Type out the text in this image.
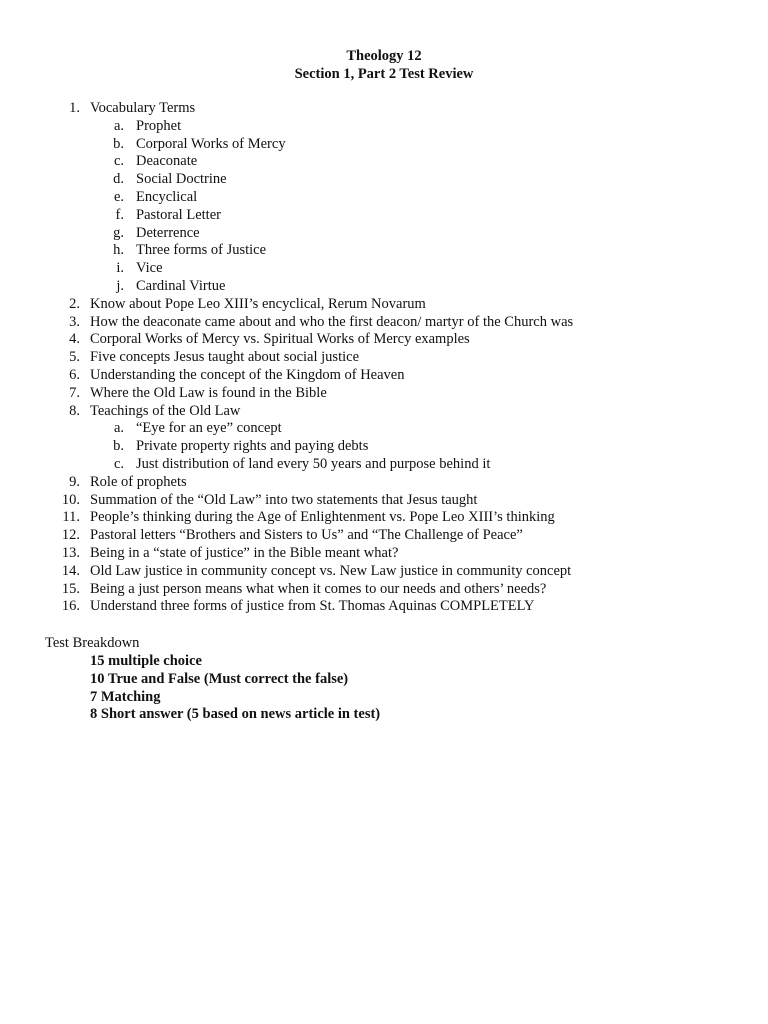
Theology 12
Section 1, Part 2 Test Review
1. Vocabulary Terms
a. Prophet
b. Corporal Works of Mercy
c. Deaconate
d. Social Doctrine
e. Encyclical
f. Pastoral Letter
g. Deterrence
h. Three forms of Justice
i. Vice
j. Cardinal Virtue
2. Know about Pope Leo XIII’s encyclical, Rerum Novarum
3. How the deaconate came about and who the first deacon/ martyr of the Church was
4. Corporal Works of Mercy vs. Spiritual Works of Mercy examples
5. Five concepts Jesus taught about social justice
6. Understanding the concept of the Kingdom of Heaven
7. Where the Old Law is found in the Bible
8. Teachings of the Old Law
a. “Eye for an eye” concept
b. Private property rights and paying debts
c. Just distribution of land every 50 years and purpose behind it
9. Role of prophets
10. Summation of the “Old Law” into two statements that Jesus taught
11. People’s thinking during the Age of Enlightenment vs. Pope Leo XIII’s thinking
12. Pastoral letters “Brothers and Sisters to Us” and “The Challenge of Peace”
13. Being in a “state of justice” in the Bible meant what?
14. Old Law justice in community concept vs. New Law justice in community concept
15. Being a just person means what when it comes to our needs and others’ needs?
16. Understand three forms of justice from St. Thomas Aquinas COMPLETELY
Test Breakdown
15 multiple choice
10 True and False (Must correct the false)
7 Matching
8 Short answer (5 based on news article in test)
